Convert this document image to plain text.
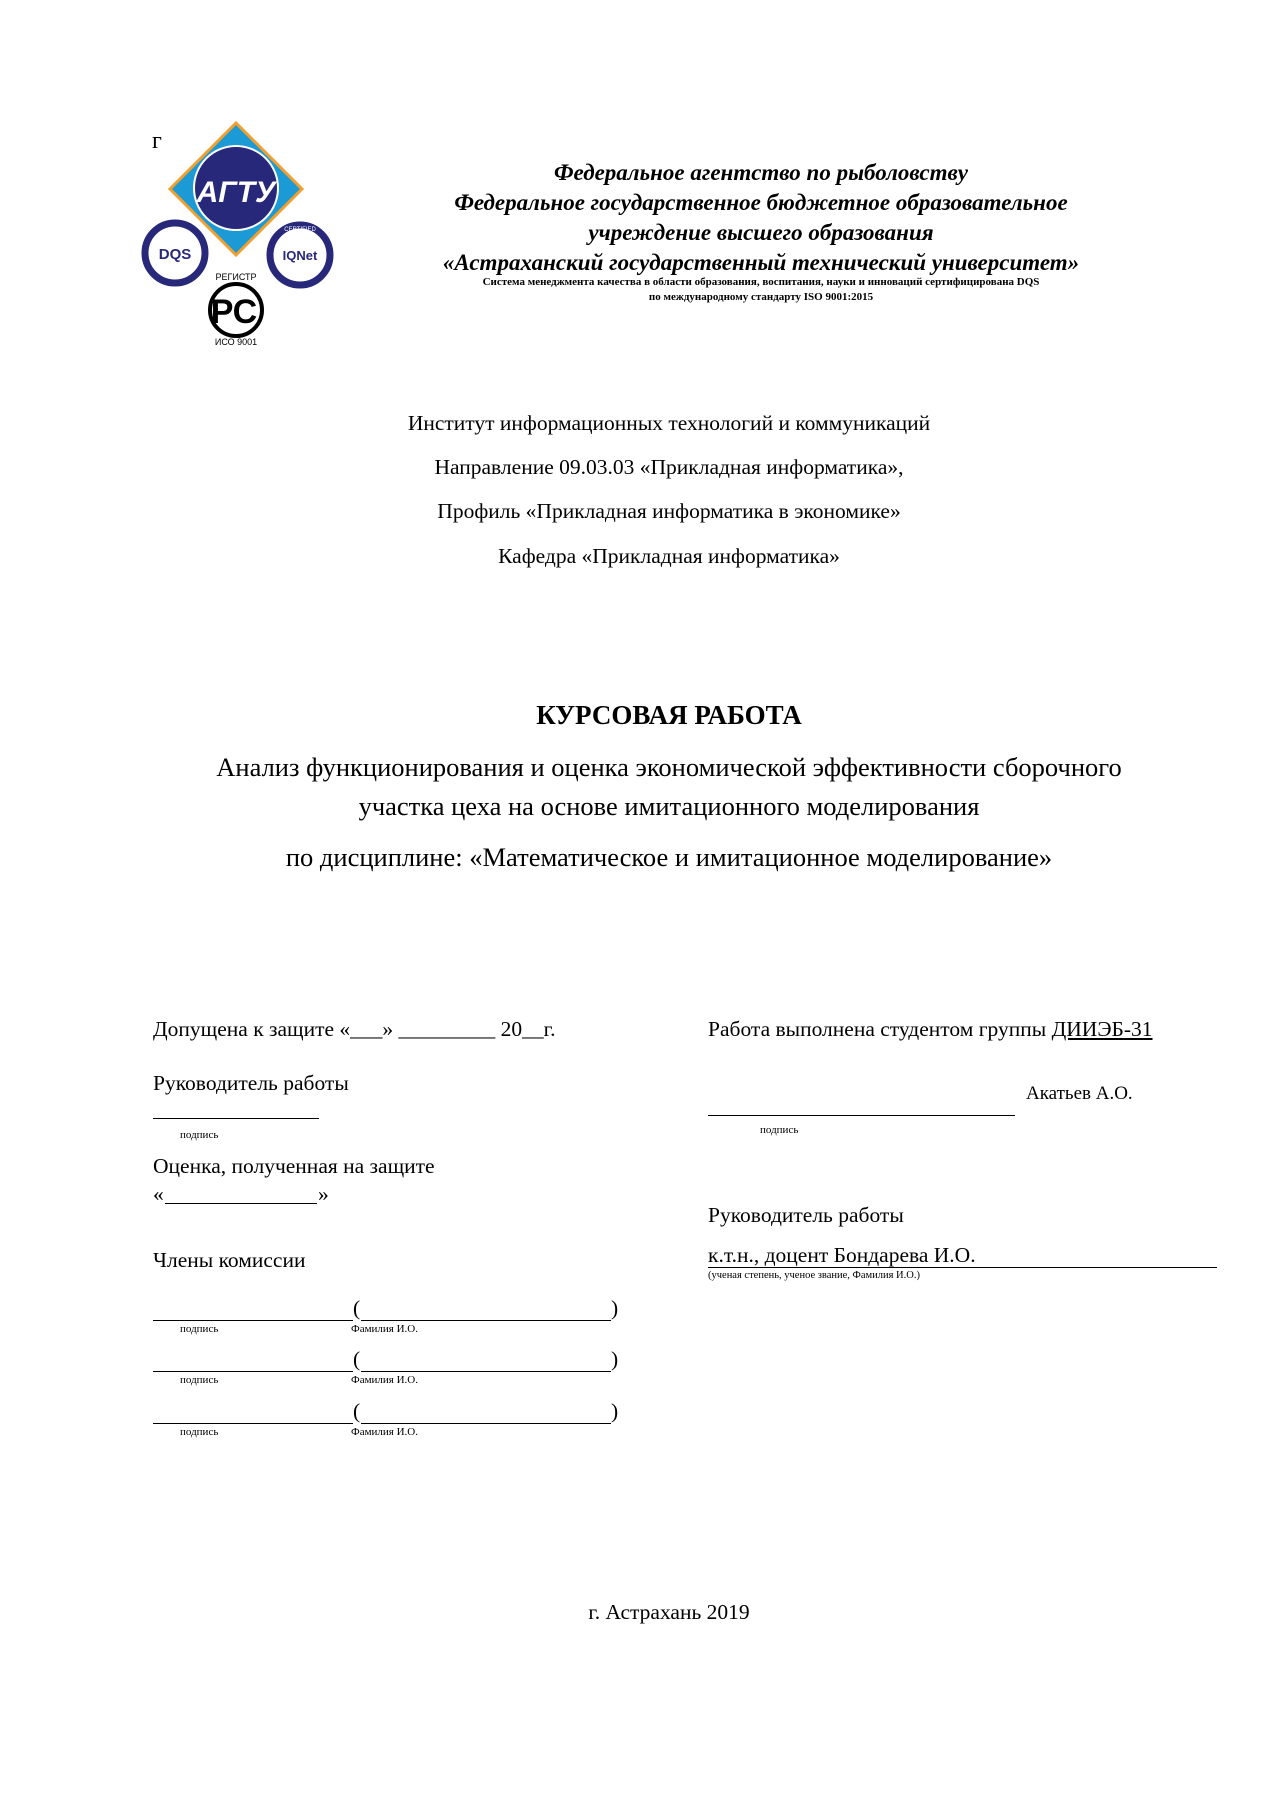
г
АГТУ
DQS	IQNet
CERTIFIED
РЕГИСТР
РС
ИСО 9001
Федеральное агентство по рыболовству
Федеральное государственное бюджетное образовательное
учреждение высшего образования
«Астраханский государственный технический университет»
Система менеджмента качества в области образования, воспитания, науки и инноваций сертифицирована DQS
по международному стандарту ISO 9001:2015
Институт информационных технологий и коммуникаций
Направление 09.03.03 «Прикладная информатика»,
Профиль «Прикладная информатика в экономике»
Кафедра «Прикладная информатика»
КУРСОВАЯ РАБОТА
Анализ функционирования и оценка экономической эффективности сборочного
участка цеха на основе имитационного моделирования
по дисциплине: «Математическое и имитационное моделирование»
Допущена к защите «___» _________ 20__г.
Руководитель работы
подпись
Оценка, полученная на защите
«	»
Члены комиссии
(	)
подпись	Фамилия И.О.
(	)
подпись	Фамилия И.О.
(	)
подпись	Фамилия И.О.
Работа выполнена студентом группы ДИИЭБ-31
Акатьев А.О.
подпись
Руководитель работы
к.т.н., доцент Бондарева И.О.
(ученая степень, ученое звание, Фамилия И.О.)
г. Астрахань 2019
